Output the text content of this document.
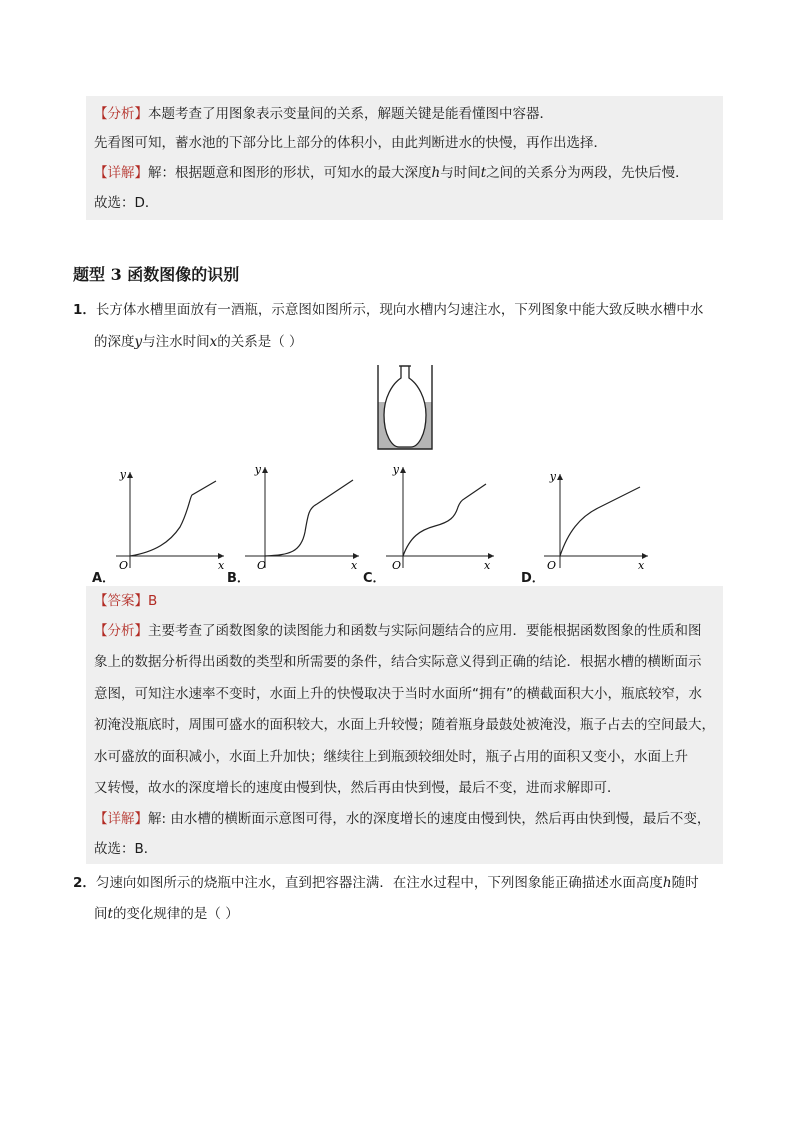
【分析】本题考查了用图象表示变量间的关系，解题关键是能看懂图中容器．
先看图可知，蓄水池的下部分比上部分的体积小，由此判断进水的快慢，再作出选择．
【详解】解：根据题意和图形的形状，可知水的最大深度h与时间t之间的关系分为两段，先快后慢．
故选：D．
题型 3 函数图像的识别
1．长方体水槽里面放有一酒瓶，示意图如图所示，现向水槽内匀速注水，下列图象中能大致反映水槽中水
的深度y与注水时间x的关系是（ ）
y
x
O
A．
y
x
O
B．
y
x
O
C．
y
x
O
D．
【答案】B
【分析】主要考查了函数图象的读图能力和函数与实际问题结合的应用．要能根据函数图象的性质和图
象上的数据分析得出函数的类型和所需要的条件，结合实际意义得到正确的结论．根据水槽的横断面示
意图，可知注水速率不变时，水面上升的快慢取决于当时水面所“拥有”的横截面积大小，瓶底较窄，水
初淹没瓶底时，周围可盛水的面积较大，水面上升较慢；随着瓶身最鼓处被淹没，瓶子占去的空间最大，
水可盛放的面积减小，水面上升加快；继续往上到瓶颈较细处时，瓶子占用的面积又变小，水面上升
又转慢，故水的深度增长的速度由慢到快，然后再由快到慢，最后不变，进而求解即可．
【详解】解: 由水槽的横断面示意图可得，水的深度增长的速度由慢到快，然后再由快到慢，最后不变，
故选：B．
2．匀速向如图所示的烧瓶中注水，直到把容器注满．在注水过程中，下列图象能正确描述水面高度h随时
间t的变化规律的是（ ）
